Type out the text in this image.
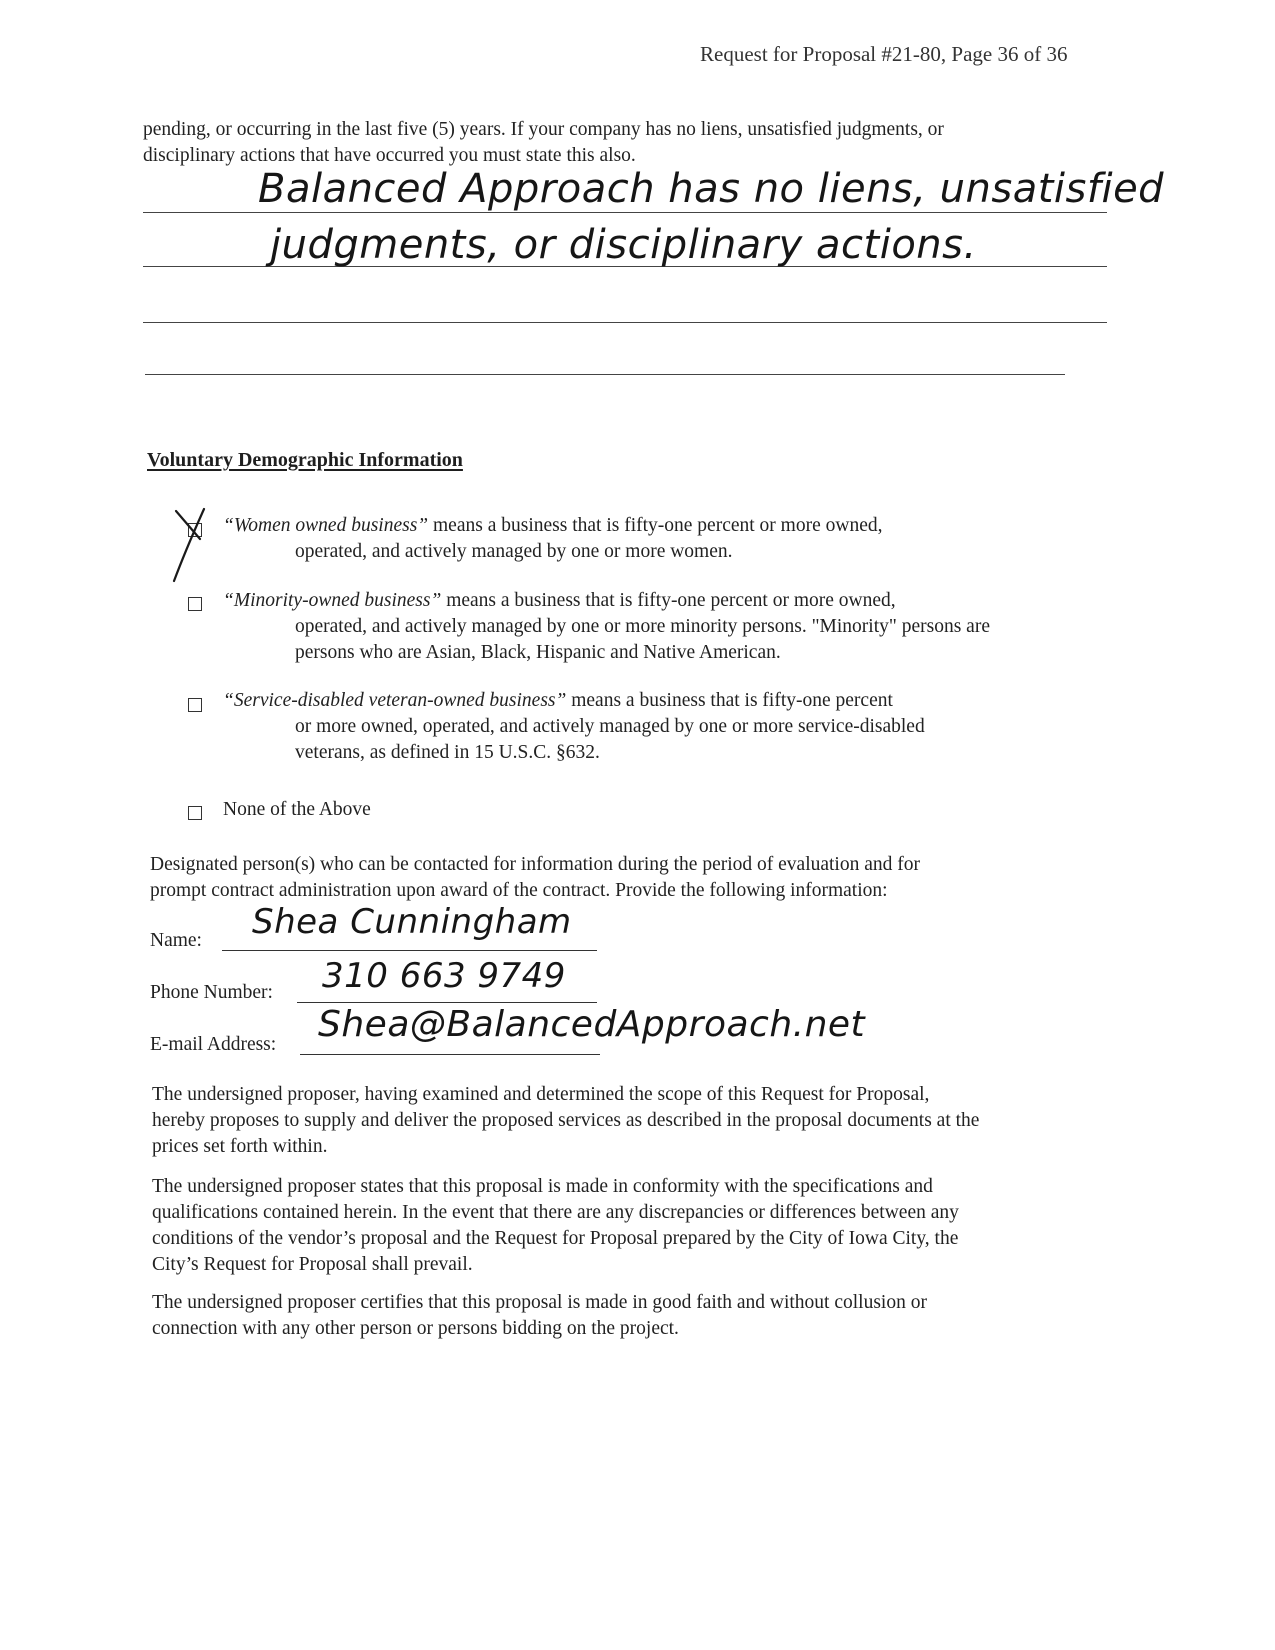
Request for Proposal #21-80, Page 36 of 36
pending, or occurring in the last five (5) years. If your company has no liens, unsatisfied judgments, or
disciplinary actions that have occurred you must state this also.
Balanced Approach has no liens, unsatisfied
judgments, or disciplinary actions.
Voluntary Demographic Information
“Women owned business” means a business that is fifty-one percent or more owned,
operated, and actively managed by one or more women.
“Minority-owned business” means a business that is fifty-one percent or more owned,
operated, and actively managed by one or more minority persons. "Minority" persons are
persons who are Asian, Black, Hispanic and Native American.
“Service-disabled veteran-owned business” means a business that is fifty-one percent
or more owned, operated, and actively managed by one or more service-disabled
veterans, as defined in 15 U.S.C. §632.
None of the Above
Designated person(s) who can be contacted for information during the period of evaluation and for
prompt contract administration upon award of the contract. Provide the following information:
Name: Shea Cunningham
Phone Number: 310 663 9749
E-mail Address: Shea@BalancedApproach.net
The undersigned proposer, having examined and determined the scope of this Request for Proposal,
hereby proposes to supply and deliver the proposed services as described in the proposal documents at the
prices set forth within.
The undersigned proposer states that this proposal is made in conformity with the specifications and
qualifications contained herein. In the event that there are any discrepancies or differences between any
conditions of the vendor’s proposal and the Request for Proposal prepared by the City of Iowa City, the
City’s Request for Proposal shall prevail.
The undersigned proposer certifies that this proposal is made in good faith and without collusion or
connection with any other person or persons bidding on the project.
